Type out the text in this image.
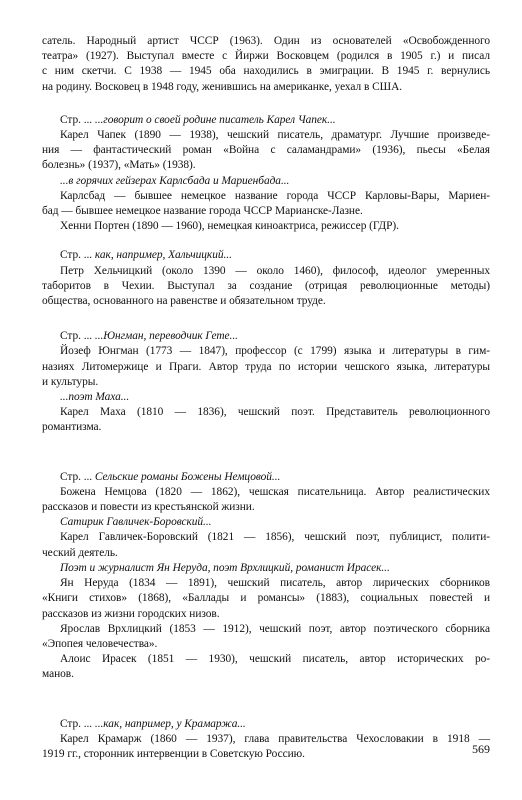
сатель. Народный артист ЧССР (1963). Один из основателей «Освобожденного
театра» (1927). Выступал вместе с Йиржи Восковцем (родился в 1905 г.) и писал
с ним скетчи. С 1938 — 1945 оба находились в эмиграции. В 1945 г. вернулись
на родину. Восковец в 1948 году, женившись на американке, уехал в США.
Стр. ... ...говорит о своей родине писатель Карел Чапек...
Карел Чапек (1890 — 1938), чешский писатель, драматург. Лучшие произведе-
ния — фантастический роман «Война с саламандрами» (1936), пьесы «Белая
болезнь» (1937), «Мать» (1938).
...в горячих гейзерах Карлсбада и Мариенбада...
Карлсбад — бывшее немецкое название города ЧССР Карловы-Вары, Мариен-
бад — бывшее немецкое название города ЧССР Марианске-Лазне.
Хенни Портен (1890 — 1960), немецкая киноактриса, режиссер (ГДР).
Стр. ... как, например, Хальчицкий...
Петр Хельчицкий (около 1390 — около 1460), философ, идеолог умеренных
таборитов в Чехии. Выступал за создание (отрицая революционные методы)
общества, основанного на равенстве и обязательном труде.
Стр. ... ...Юнгман, переводчик Гете...
Йозеф Юнгман (1773 — 1847), профессор (с 1799) языка и литературы в гим-
назиях Литомержице и Праги. Автор труда по истории чешского языка, литературы
и культуры.
...поэт Маха...
Карел Маха (1810 — 1836), чешский поэт. Представитель революционного
романтизма.
Стр. ... Сельские романы Божены Немцовой...
Божена Немцова (1820 — 1862), чешская писательница. Автор реалистических
рассказов и повести из крестьянской жизни.
Сатирик Гавличек-Боровский...
Карел Гавличек-Боровский (1821 — 1856), чешский поэт, публицист, полити-
ческий деятель.
Поэт и журналист Ян Неруда, поэт Врхлицкий, романист Ирасек...
Ян Неруда (1834 — 1891), чешский писатель, автор лирических сборников
«Книги стихов» (1868), «Баллады и романсы» (1883), социальных повестей и
рассказов из жизни городских низов.
Ярослав Врхлицкий (1853 — 1912), чешский поэт, автор поэтического сборника
«Эпопея человечества».
Алоис Ирасек (1851 — 1930), чешский писатель, автор исторических ро-
манов.
Стр. ... ...как, например, у Крамаржа...
Карел Крамарж (1860 — 1937), глава правительства Чехословакии в 1918 —
1919 гг., сторонник интервенции в Советскую Россию.	569
